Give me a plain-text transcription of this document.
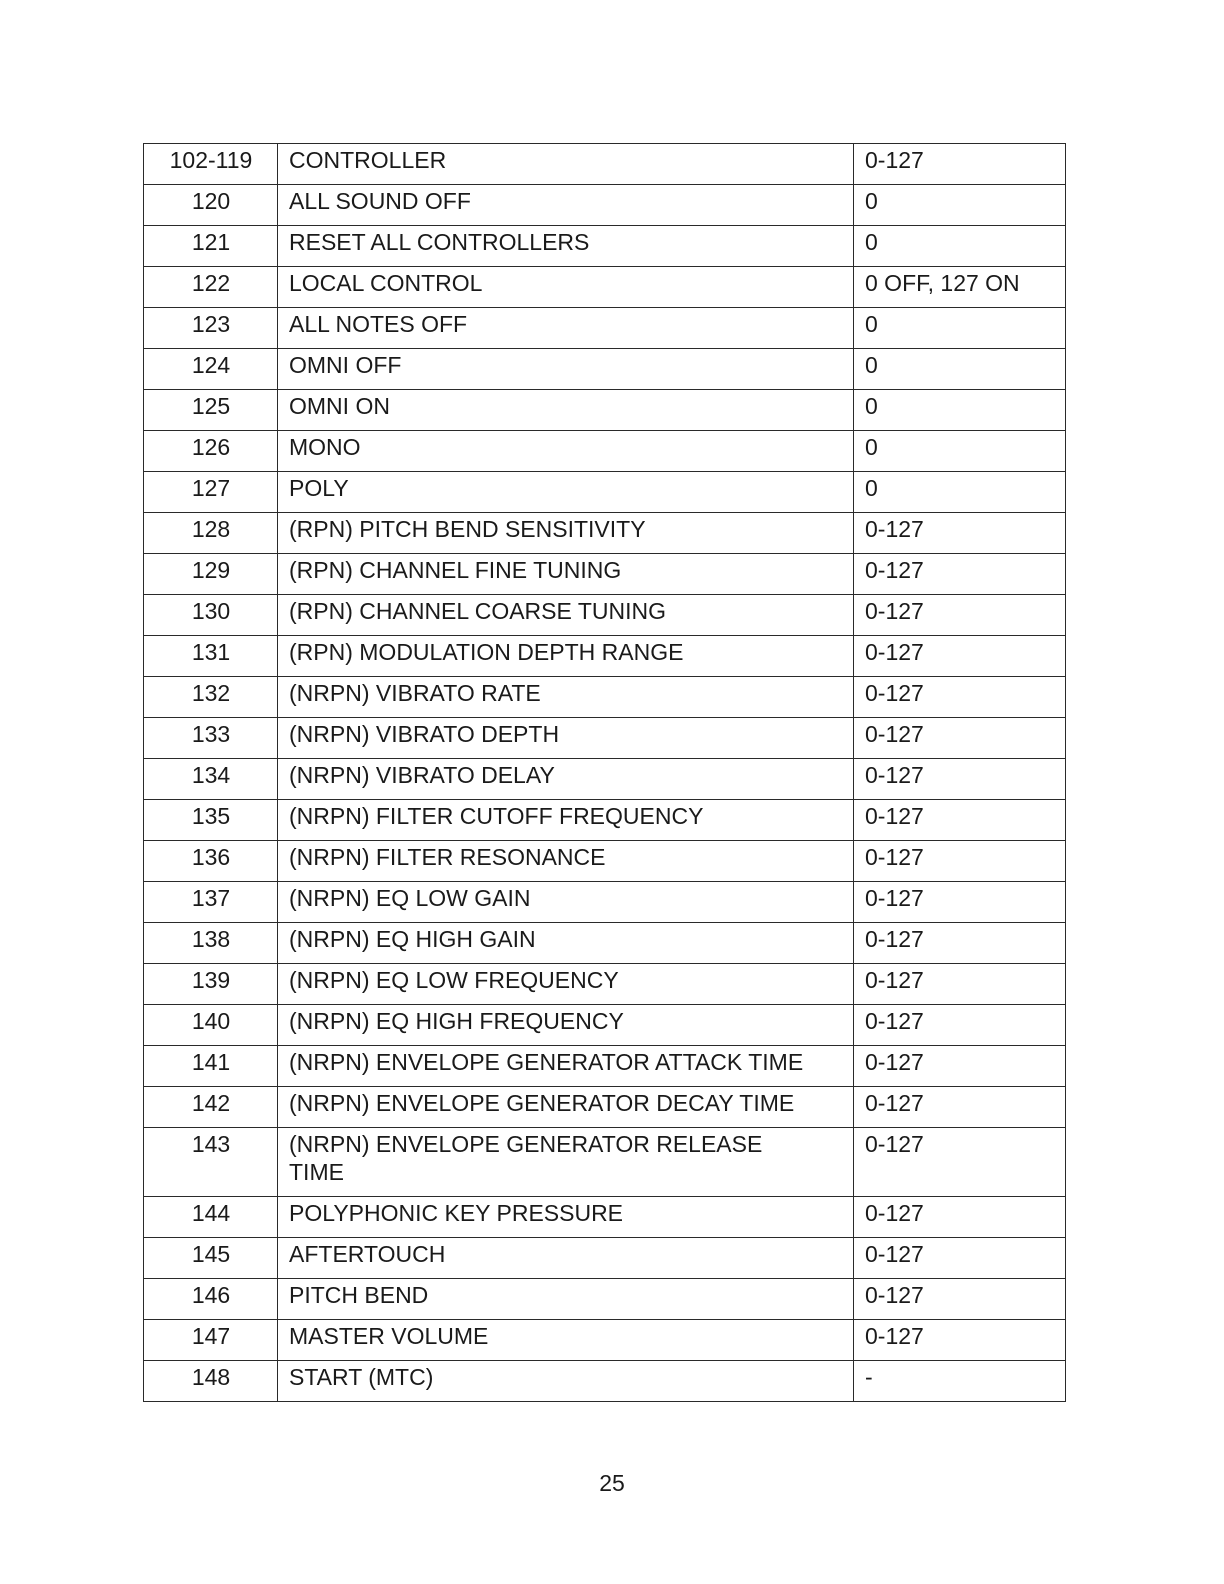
102-119	CONTROLLER	0-127
120	ALL SOUND OFF	0
121	RESET ALL CONTROLLERS	0
122	LOCAL CONTROL	0 OFF, 127 ON
123	ALL NOTES OFF	0
124	OMNI OFF	0
125	OMNI ON	0
126	MONO	0
127	POLY	0
128	(RPN) PITCH BEND SENSITIVITY	0-127
129	(RPN) CHANNEL FINE TUNING	0-127
130	(RPN) CHANNEL COARSE TUNING	0-127
131	(RPN) MODULATION DEPTH RANGE	0-127
132	(NRPN) VIBRATO RATE	0-127
133	(NRPN) VIBRATO DEPTH	0-127
134	(NRPN) VIBRATO DELAY	0-127
135	(NRPN) FILTER CUTOFF FREQUENCY	0-127
136	(NRPN) FILTER RESONANCE	0-127
137	(NRPN) EQ LOW GAIN	0-127
138	(NRPN) EQ HIGH GAIN	0-127
139	(NRPN) EQ LOW FREQUENCY	0-127
140	(NRPN) EQ HIGH FREQUENCY	0-127
141	(NRPN) ENVELOPE GENERATOR ATTACK TIME	0-127
142	(NRPN) ENVELOPE GENERATOR DECAY TIME	0-127
143	(NRPN) ENVELOPE GENERATOR RELEASE TIME	0-127
144	POLYPHONIC KEY PRESSURE	0-127
145	AFTERTOUCH	0-127
146	PITCH BEND	0-127
147	MASTER VOLUME	0-127
148	START (MTC)	-
25
